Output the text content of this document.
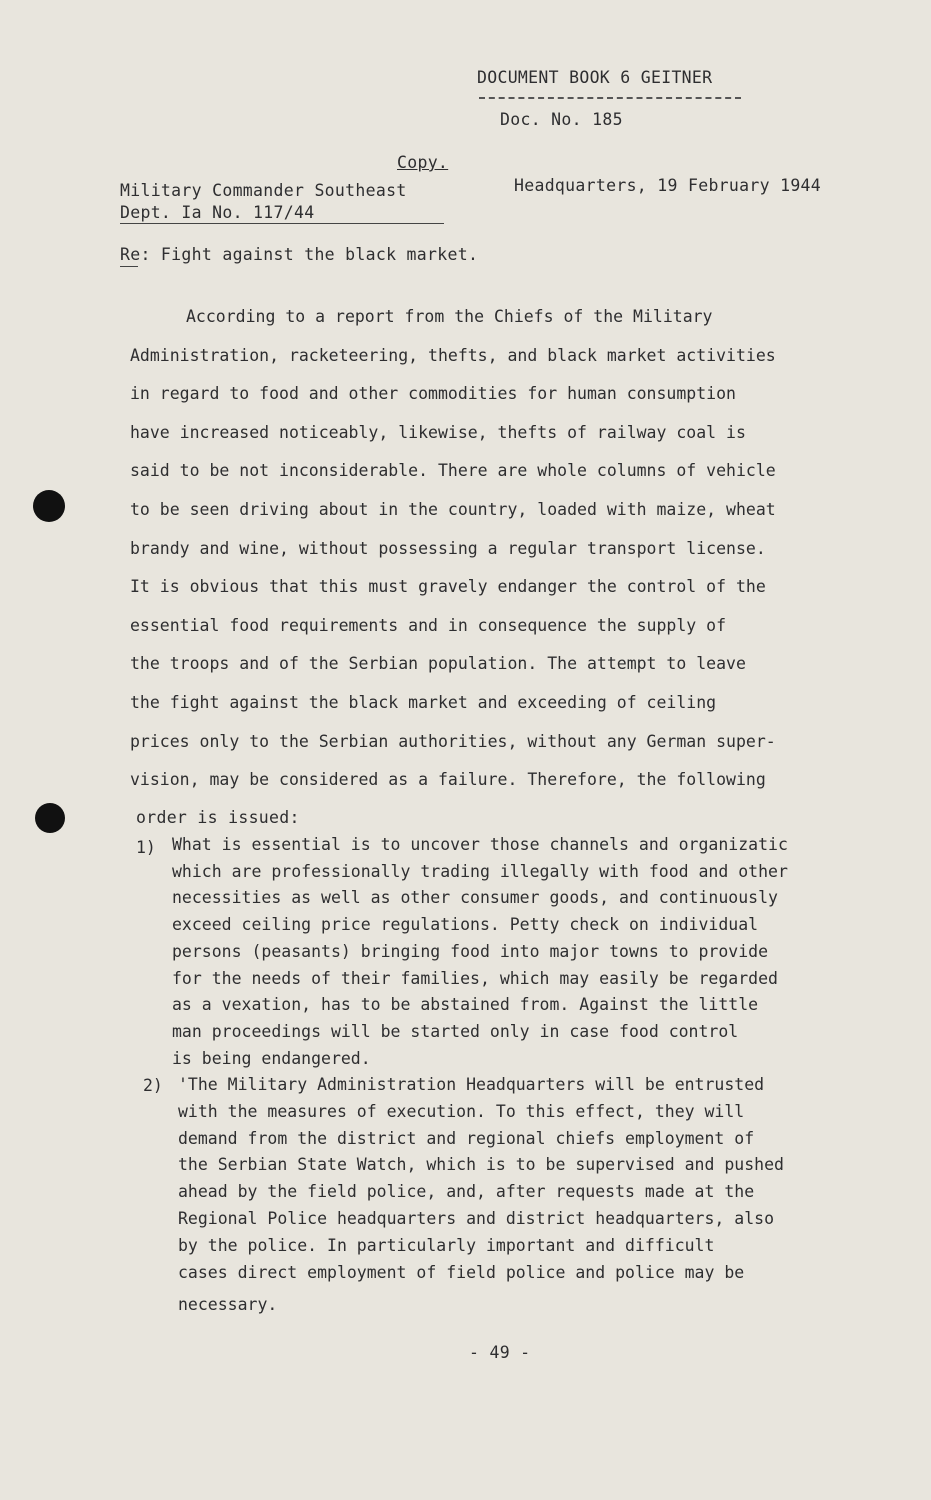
DOCUMENT BOOK 6 GEITNER
Doc. No. 185
Copy.
Military Commander Southeast
Dept. Ia No. 117/44
Headquarters, 19 February 1944
Re: Fight against the black market.
According to a report from the Chiefs of the Military
Administration, racketeering, thefts, and black market activities
in regard to food and other commodities for human consumption
have increased noticeably, likewise, thefts of railway coal is
said to be not inconsiderable. There are whole columns of vehicle
to be seen driving about in the country, loaded with maize, wheat
brandy and wine, without possessing a regular transport license.
It is obvious that this must gravely endanger the control of the
essential food requirements and in consequence the supply of
the troops and of the Serbian population. The attempt to leave
the fight against the black market and exceeding of ceiling
prices only to the Serbian authorities, without any German super-
vision, may be considered as a failure. Therefore, the following
order is issued:
1) What is essential is to uncover those channels and organizatic
which are professionally trading illegally with food and other
necessities as well as other consumer goods, and continuously
exceed ceiling price regulations. Petty check on individual
persons (peasants) bringing food into major towns to provide
for the needs of their families, which may easily be regarded
as a vexation, has to be abstained from. Against the little
man proceedings will be started only in case food control
is being endangered.
2) 'The Military Administration Headquarters will be entrusted
with the measures of execution. To this effect, they will
demand from the district and regional chiefs employment of
the Serbian State Watch, which is to be supervised and pushed
ahead by the field police, and, after requests made at the
Regional Police headquarters and district headquarters, also
by the police. In particularly important and difficult
cases direct employment of field police and police may be
necessary.
- 49 -
